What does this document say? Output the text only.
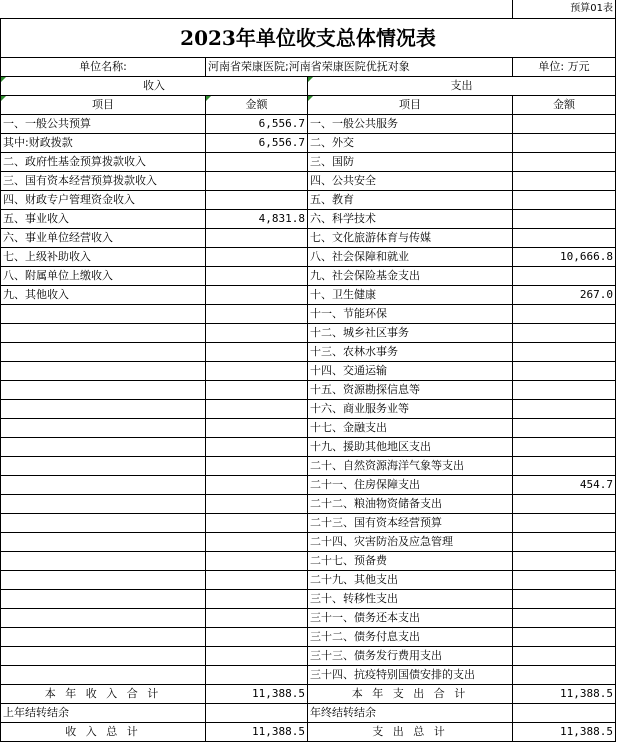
			预算01表
2023年单位收支总体情况表			
单位名称:	河南省荣康医院;河南省荣康医院优抚对象		单位: 万元
收入		支出	
项目	金额	项目	金额
一、一般公共预算	6,556.7	一、一般公共服务	
其中:财政拨款	6,556.7	二、外交	
二、政府性基金预算拨款收入		三、国防	
三、国有资本经营预算拨款收入		四、公共安全	
四、财政专户管理资金收入		五、教育	
五、事业收入	4,831.8	六、科学技术	
六、事业单位经营收入		七、文化旅游体育与传媒	
七、上级补助收入		八、社会保障和就业	10,666.8
八、附属单位上缴收入		九、社会保险基金支出	
九、其他收入		十、卫生健康	267.0
		十一、节能环保	
		十二、城乡社区事务	
		十三、农林水事务	
		十四、交通运输	
		十五、资源勘探信息等	
		十六、商业服务业等	
		十七、金融支出	
		十九、援助其他地区支出	
		二十、自然资源海洋气象等支出	
		二十一、住房保障支出	454.7
		二十二、粮油物资储备支出	
		二十三、国有资本经营预算	
		二十四、灾害防治及应急管理	
		二十七、预备费	
		二十九、其他支出	
		三十、转移性支出	
		三十一、债务还本支出	
		三十二、债务付息支出	
		三十三、债务发行费用支出	
		三十四、抗疫特别国债安排的支出	
本 年 收 入 合 计	11,388.5	本 年 支 出 合 计	11,388.5
上年结转结余		年终结转结余	
收 入 总 计	11,388.5	支 出 总 计	11,388.5
